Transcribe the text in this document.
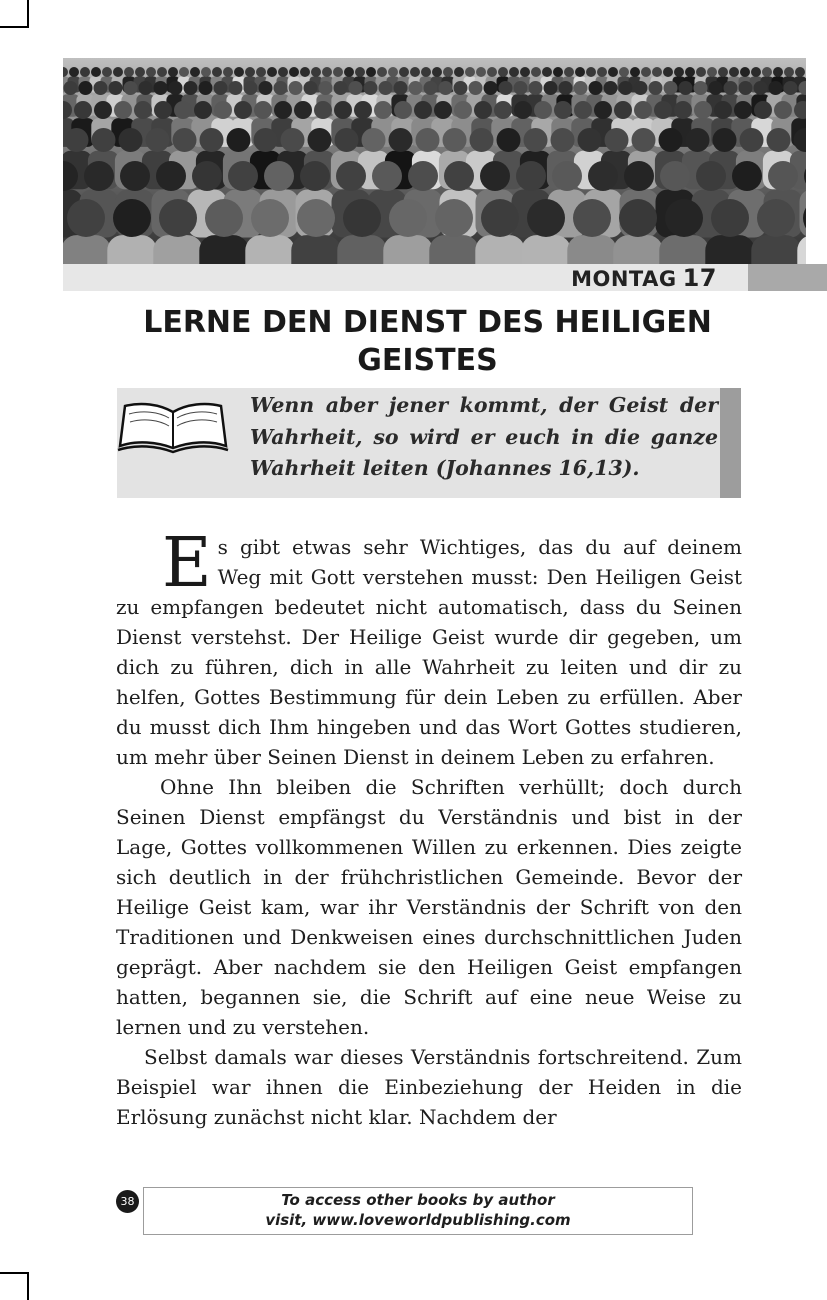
MONTAG 17
LERNE DEN DIENST DES HEILIGEN GEISTES
Wenn aber jener kommt, der Geist der Wahrheit, so wird er euch in die ganze Wahrheit leiten (Johannes 16,13).

Es gibt etwas sehr Wichtiges, das du auf deinem Weg mit Gott verstehen musst: Den Heiligen Geist zu empfangen bedeutet nicht automatisch, dass du Seinen Dienst verstehst. Der Heilige Geist wurde dir gegeben, um dich zu führen, dich in alle Wahrheit zu leiten und dir zu helfen, Gottes Bestimmung für dein Leben zu erfüllen. Aber du musst dich Ihm hingeben und das Wort Gottes studieren, um mehr über Seinen Dienst in deinem Leben zu erfahren.

Ohne Ihn bleiben die Schriften verhüllt; doch durch Seinen Dienst empfängst du Verständnis und bist in der Lage, Gottes vollkommenen Willen zu erkennen. Dies zeigte sich deutlich in der frühchristlichen Gemeinde. Bevor der Heilige Geist kam, war ihr Verständnis der Schrift von den Traditionen und Denkweisen eines durchschnittlichen Juden geprägt. Aber nachdem sie den Heiligen Geist empfangen hatten, begannen sie, die Schrift auf eine neue Weise zu lernen und zu verstehen.

Selbst damals war dieses Verständnis fortschreitend. Zum Beispiel war ihnen die Einbeziehung der Heiden in die Erlösung zunächst nicht klar. Nachdem der

38	To access other books by author
visit, www.loveworldpublishing.com
